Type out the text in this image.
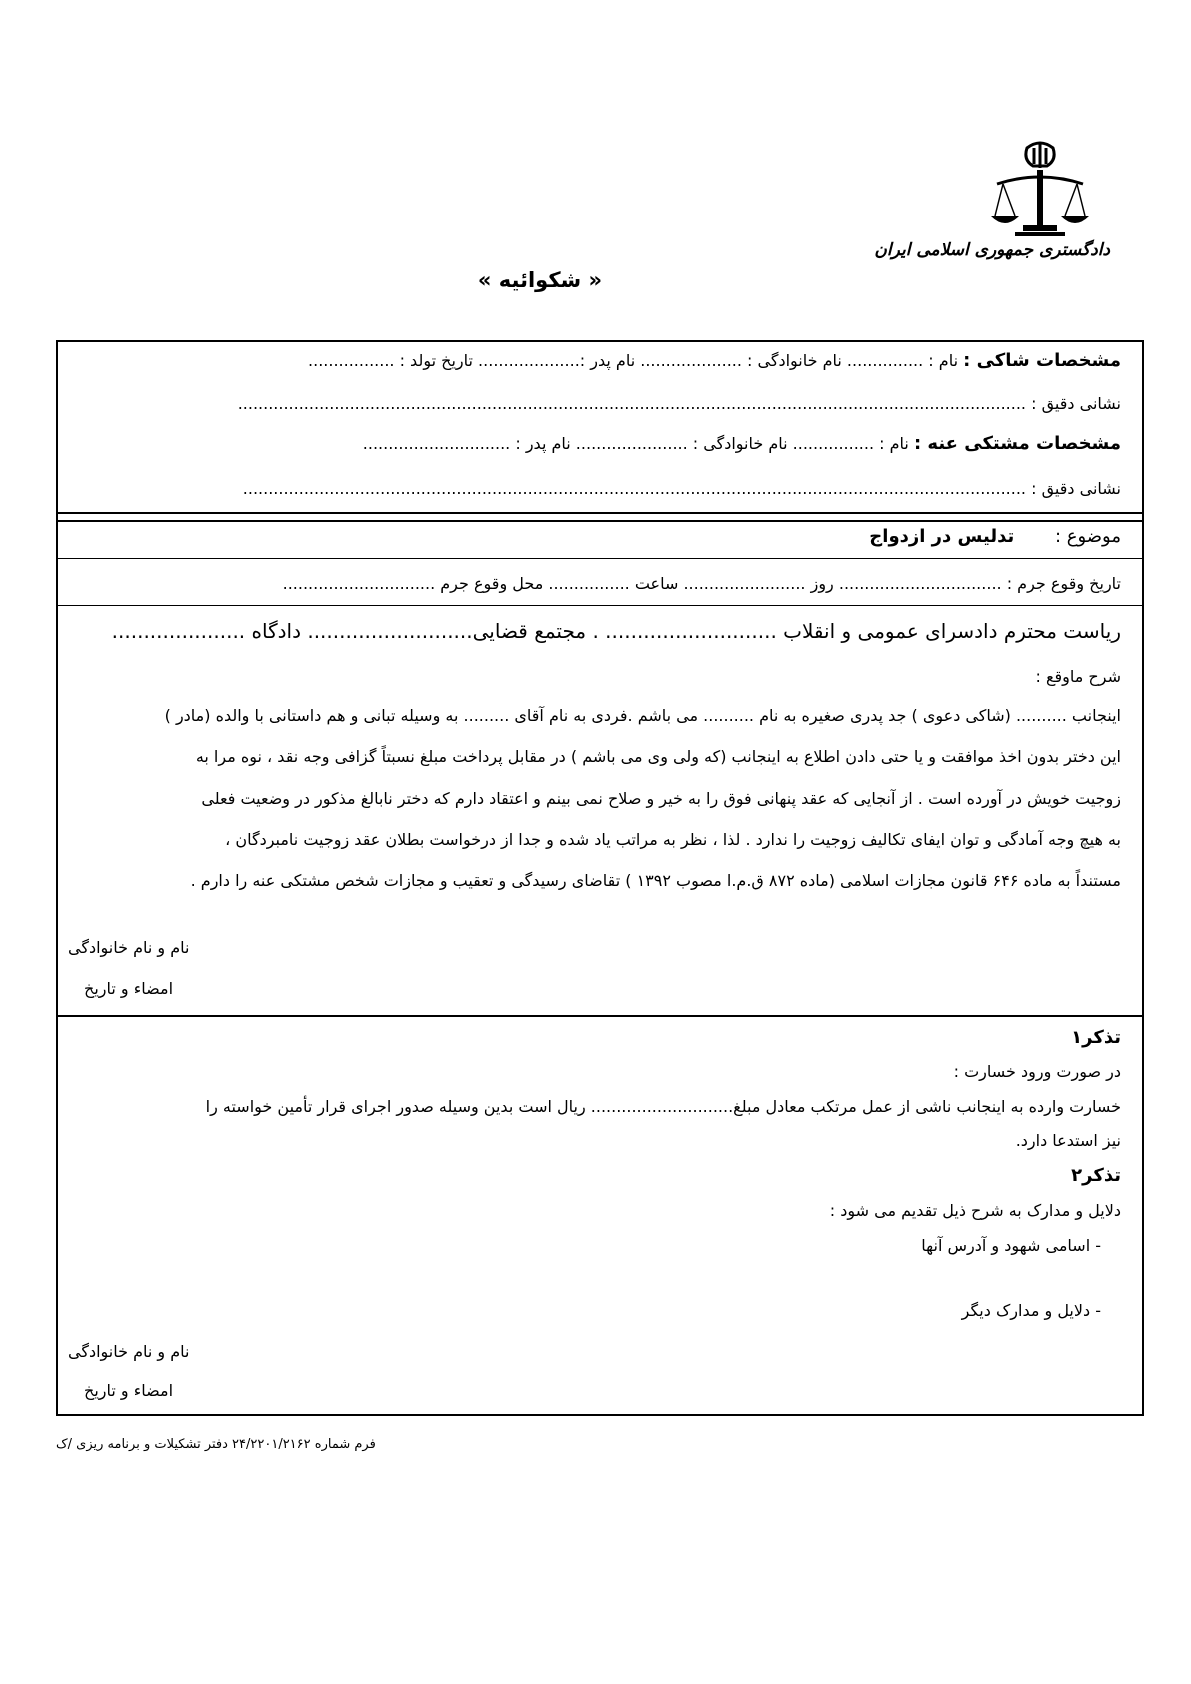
دادگستری جمهوری اسلامی ایران
« شکوائیه »
مشخصات شاکی : نام : ............... نام خانوادگی : .................... نام پدر :.................... تاریخ تولد : .................
نشانی دقیق : ...........................................................................................................................................................
مشخصات مشتکی عنه : نام : ................ نام خانوادگی : ...................... نام پدر : .............................
نشانی دقیق : ..........................................................................................................................................................
موضوع :        تدلیس در ازدواج
تاریخ وقوع جرم : ................................ روز ........................ ساعت ................ محل وقوع جرم ..............................
ریاست محترم دادسرای عمومی و انقلاب ........................... . مجتمع قضایی.......................... دادگاه .....................
شرح ماوقع :
اینجانب .......... (شاکی دعوی ) جد پدری صغیره به نام .......... می باشم .فردی به نام آقای ......... به وسیله تبانی و هم داستانی با والده (مادر )
این دختر بدون اخذ موافقت و یا حتی دادن اطلاع به اینجانب (که ولی وی می باشم ) در مقابل پرداخت مبلغ نسبتاً گزافی وجه نقد ، نوه مرا به
زوجیت خویش در آورده است . از آنجایی که عقد پنهانی فوق را به خیر و صلاح نمی بینم و اعتقاد دارم که دختر نابالغ مذکور در وضعیت فعلی
به هیچ وجه آمادگی و توان ایفای تکالیف زوجیت را ندارد . لذا ، نظر به مراتب یاد شده و جدا از درخواست بطلان عقد زوجیت نامبردگان ،
مستنداً به ماده ۶۴۶ قانون مجازات اسلامی (ماده ۸۷۲ ق.م.ا مصوب ۱۳۹۲ ) تقاضای رسیدگی و تعقیب و مجازات شخص مشتکی عنه را دارم .
نام و نام خانوادگی
امضاء و تاریخ
تذکر۱
در صورت ورود خسارت :
خسارت وارده به اینجانب ناشی از عمل مرتکب معادل مبلغ............................ ریال است بدین وسیله صدور اجرای قرار تأمین خواسته را
نیز استدعا دارد.
تذکر۲
دلایل و مدارک به شرح ذیل تقدیم می شود :
- اسامی شهود و آدرس آنها
- دلایل و مدارک دیگر
نام و نام خانوادگی
امضاء و تاریخ
فرم شماره ۲۴/۲۲۰۱/۲۱۶۲ دفتر تشکیلات و برنامه ریزی /ک
